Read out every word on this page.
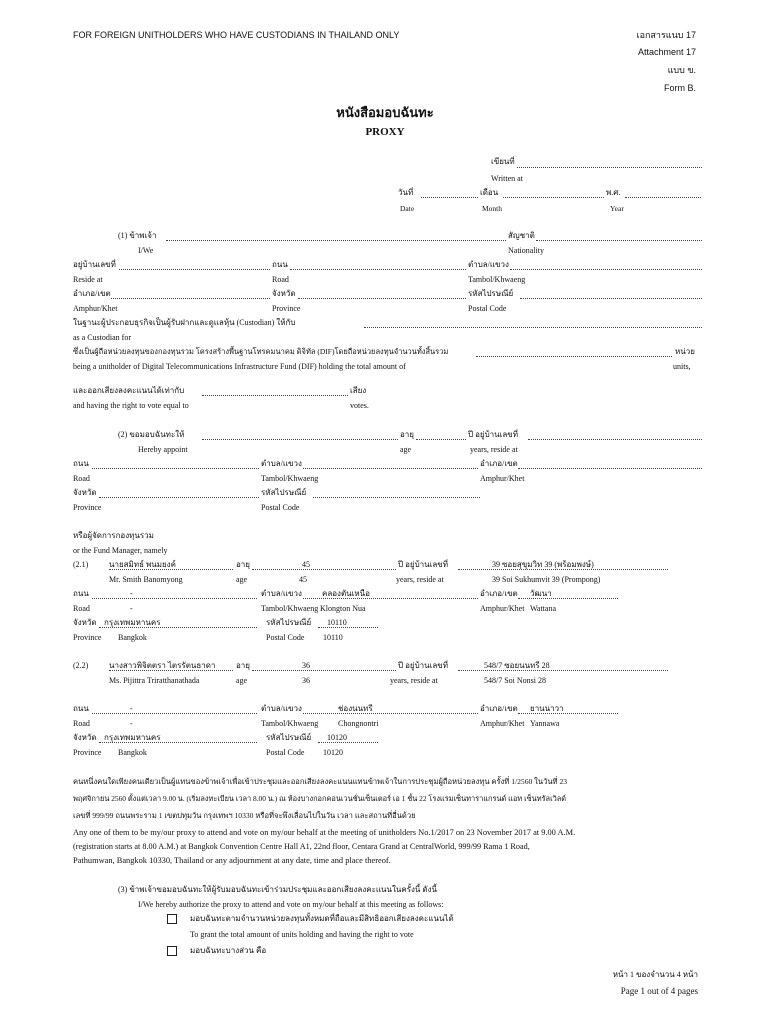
FOR FOREIGN UNITHOLDERS WHO HAVE CUSTODIANS IN THAILAND ONLY	เอกสารแนบ 17
Attachment 17
แบบ ข.
Form B.
หนังสือมอบฉันทะ
PROXY
เขียนที่
Written at
วันที่	เดือน	พ.ศ.
Date	Month	Year
(1) ข้าพเจ้า	สัญชาติ
I/We	Nationality
อยู่บ้านเลขที่	ถนน	ตำบล/แขวง
Reside at	Road	Tambol/Khwaeng
อำเภอ/เขต	จังหวัด	รหัสไปรษณีย์
Amphur/Khet	Province	Postal Code
ในฐานะผู้ประกอบธุรกิจเป็นผู้รับฝากและดูแลหุ้น (Custodian) ให้กับ
as a Custodian for
ซึ่งเป็นผู้ถือหน่วยลงทุนของกองทุนรวม โครงสร้างพื้นฐานโทรคมนาคม ดิจิทัล (DIF)โดยถือหน่วยลงทุนจำนวนทั้งสิ้นรวม	หน่วย
being a unitholder of Digital Telecommunications Infrastructure Fund (DIF) holding the total amount of	units,
และออกเสียงลงคะแนนได้เท่ากับ	เสียง
and having the right to vote equal to	votes.
(2) ขอมอบฉันทะให้	อายุ	ปี อยู่บ้านเลขที่
Hereby appoint	age	years, reside at
ถนน	ตำบล/แขวง	อำเภอ/เขต
Road	Tambol/Khwaeng	Amphur/Khet
จังหวัด	รหัสไปรษณีย์
Province	Postal Code
หรือผู้จัดการกองทุนรวม
or the Fund Manager, namely
(2.1)	นายสมิทธ์ พนมยงค์	อายุ	45	ปี อยู่บ้านเลขที่	39 ซอยสุขุมวิท 39 (พร้อมพงษ์)
Mr. Smith Banomyong	age	45	years, reside at	39 Soi Sukhumvit 39 (Prompong)
ถนน	-	ตำบล/แขวง	คลองตันเหนือ	อำเภอ/เขต วัฒนา
Road	-	Tambol/Khwaeng Klongton Nua	Amphur/Khet Wattana
จังหวัด กรุงเทพมหานคร	รหัสไปรษณีย์ 10110
Province Bangkok	Postal Code 10110
(2.2)	นางสาวพิจิตตรา ไตรรัตนธาดา	อายุ	36	ปี อยู่บ้านเลขที่	548/7 ซอยนนทรี 28
Ms. Pijittra Triratthanathada	age	36	years, reside at	548/7 Soi Nonsi 28
ถนน	-	ตำบล/แขวง	ช่องนนทรี	อำเภอ/เขต ยานนาวา
Road	-	Tambol/Khwaeng Chongnontri	Amphur/Khet Yannawa
จังหวัด กรุงเทพมหานคร	รหัสไปรษณีย์ 10120
Province Bangkok	Postal Code 10120
คนหนึ่งคนใดเพียงคนเดียวเป็นผู้แทนของข้าพเจ้าเพื่อเข้าประชุมและออกเสียงลงคะแนนแทนข้าพเจ้าในการประชุมผู้ถือหน่วยลงทุน ครั้งที่ 1/2560 ในวันที่ 23
พฤศจิกายน 2560 ตั้งแต่เวลา 9.00 น. (เริ่มลงทะเบียน เวลา 8.00 น.) ณ ห้องบางกอกคอนเวนชั่นเซ็นเตอร์ เอ 1 ชั้น 22 โรงแรมเซ็นทาราแกรนด์ แอท เซ็นทรัลเวิลด์
เลขที่ 999/99 ถนนพระราม 1 เขตปทุมวัน กรุงเทพฯ 10330 หรือที่จะพึงเลื่อนไปในวัน เวลา และสถานที่อื่นด้วย
Any one of them to be my/our proxy to attend and vote on my/our behalf at the meeting of unitholders No.1/2017 on 23 November 2017 at 9.00 A.M.
(registration starts at 8.00 A.M.) at Bangkok Convention Centre Hall A1, 22nd floor, Centara Grand at CentralWorld, 999/99 Rama 1 Road,
Pathumwan, Bangkok 10330, Thailand or any adjournment at any date, time and place thereof.
(3) ข้าพเจ้าขอมอบฉันทะให้ผู้รับมอบฉันทะเข้าร่วมประชุมและออกเสียงลงคะแนนในครั้งนี้ ดังนี้
I/We hereby authorize the proxy to attend and vote on my/our behalf at this meeting as follows:
มอบฉันทะตามจำนวนหน่วยลงทุนทั้งหมดที่ถือและมีสิทธิออกเสียงลงคะแนนได้
To grant the total amount of units holding and having the right to vote
มอบฉันทะบางส่วน คือ
หน้า 1 ของจำนวน 4 หน้า
Page 1 out of 4 pages
